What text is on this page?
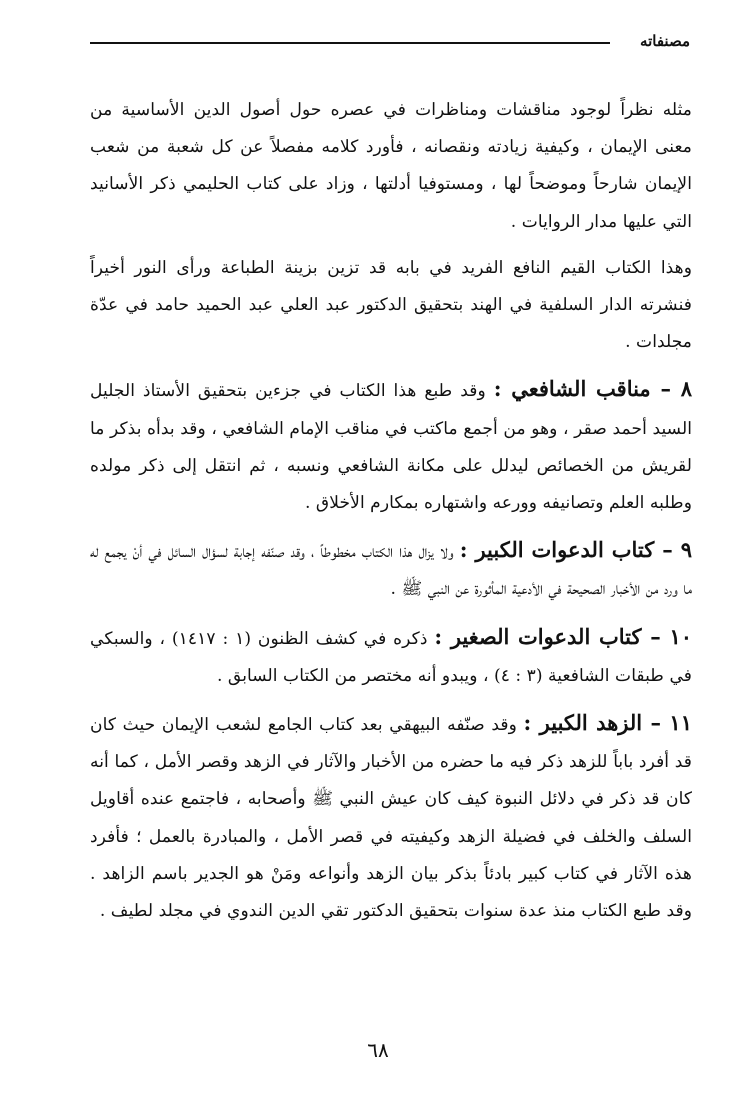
مصنفاته

مثله نظراً لوجود مناقشات ومناظرات في عصره حول أصول الدين الأساسية من معنى الإيمان ، وكيفية زيادته ونقصانه ، فأورد كلامه مفصلاً عن كل شعبة من شعب الإيمان شارحاً وموضحاً لها ، ومستوفيا أدلتها ، وزاد على كتاب الحليمي ذكر الأسانيد التي عليها مدار الروايات .

وهذا الكتاب القيم النافع الفريد في بابه قد تزين بزينة الطباعة ورأى النور أخيراً فنشرته الدار السلفية في الهند بتحقيق الدكتور عبد العلي عبد الحميد حامد في عدّة مجلدات .

٨ – مناقب الشافعي : وقد طبع هذا الكتاب في جزءين بتحقيق الأستاذ الجليل السيد أحمد صقر ، وهو من أجمع ماكتب في مناقب الإمام الشافعي ، وقد بدأه بذكر ما لقريش من الخصائص ليدلل على مكانة الشافعي ونسبه ، ثم انتقل إلى ذكر مولده وطلبه العلم وتصانيفه وورعه واشتهاره بمكارم الأخلاق .

٩ – كتاب الدعوات الكبير : ولا يزال هذا الكتاب مخطوطاً ، وقد صنّفه إجابة لسؤال السائل في أنْ يجمع له ما ورد من الأخبار الصحيحة في الأدعية المأثورة عن النبي ﷺ .

١٠ – كتاب الدعوات الصغير : ذكره في كشف الظنون (١ : ١٤١٧) ، والسبكي في طبقات الشافعية (٣ : ٤) ، ويبدو أنه مختصر من الكتاب السابق .

١١ – الزهد الكبير : وقد صنّفه البيهقي بعد كتاب الجامع لشعب الإيمان حيث كان قد أفرد باباً للزهد ذكر فيه ما حضره من الأخبار والآثار في الزهد وقصر الأمل ، كما أنه كان قد ذكر في دلائل النبوة كيف كان عيش النبي ﷺ وأصحابه ، فاجتمع عنده أقاويل السلف والخلف في فضيلة الزهد وكيفيته في قصر الأمل ، والمبادرة بالعمل ؛ فأفرد هذه الآثار في كتاب كبير بادئاً بذكر بيان الزهد وأنواعه ومَنْ هو الجدير باسم الزاهد . وقد طبع الكتاب منذ عدة سنوات بتحقيق الدكتور تقي الدين الندوي في مجلد لطيف .

٦٨
